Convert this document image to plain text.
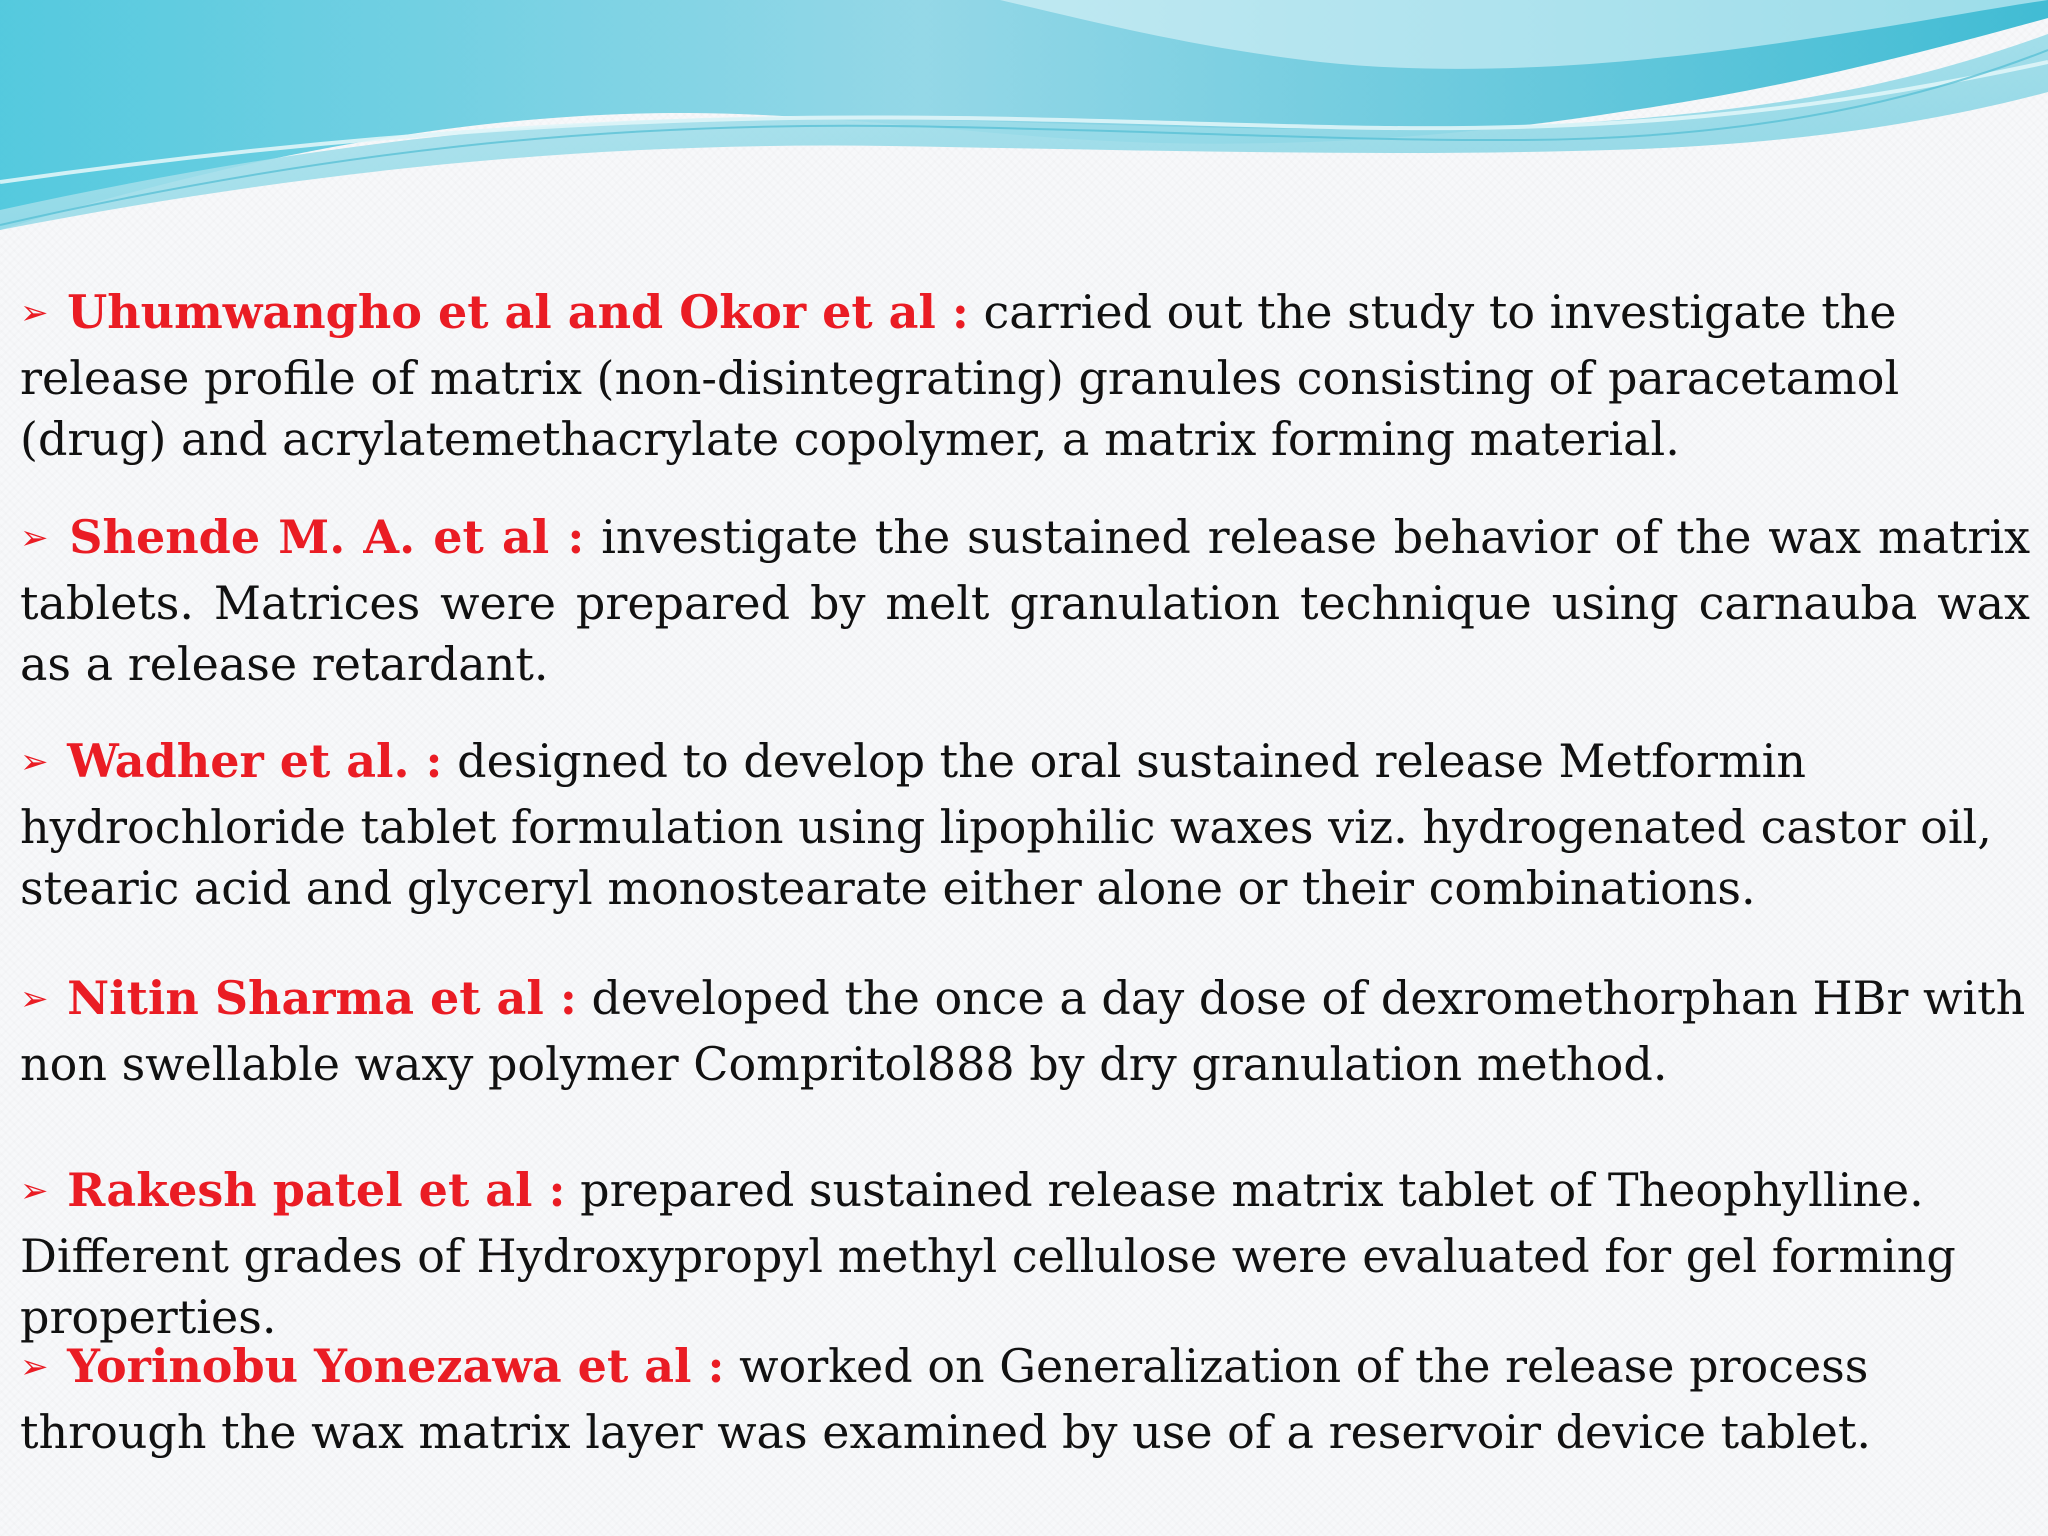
➢ Uhumwangho et al and Okor et al : carried out the study to investigate the release profile of matrix (non-disintegrating) granules consisting of paracetamol (drug) and acrylatemethacrylate copolymer, a matrix forming material.

➢ Shende M. A. et al : investigate the sustained release behavior of the wax matrix tablets. Matrices were prepared by melt granulation technique using carnauba wax as a release retardant.

➢ Wadher et al. : designed to develop the oral sustained release Metformin hydrochloride tablet formulation using lipophilic waxes viz. hydrogenated castor oil, stearic acid and glyceryl monostearate either alone or their combinations.

➢ Nitin Sharma et al : developed the once a day dose of dexromethorphan HBr with non swellable waxy polymer Compritol888 by dry granulation method.

➢ Rakesh patel et al : prepared sustained release matrix tablet of Theophylline. Different grades of Hydroxypropyl methyl cellulose were evaluated for gel forming properties.

➢ Yorinobu Yonezawa et al : worked on Generalization of the release process through the wax matrix layer was examined by use of a reservoir device tablet.
